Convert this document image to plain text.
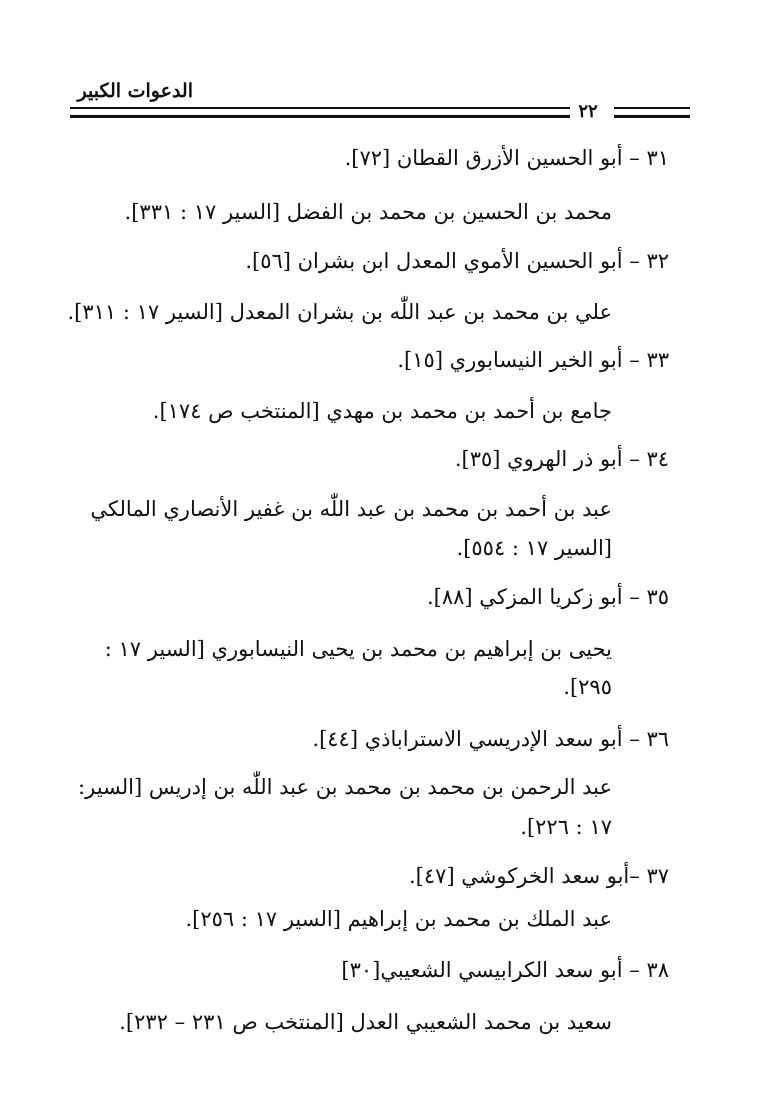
الدعوات الكبير
٢٢
٣١ – أبو الحسين الأزرق القطان [٧٢].
محمد بن الحسين بن محمد بن الفضل [السير ١٧ : ٣٣١].
٣٢ – أبو الحسين الأموي المعدل ابن بشران [٥٦].
علي بن محمد بن عبد اللّٰه بن بشران المعدل [السير ١٧ : ٣١١].
٣٣ – أبو الخير النيسابوري [١٥].
جامع بن أحمد بن محمد بن مهدي [المنتخب ص ١٧٤].
٣٤ – أبو ذر الهروي [٣٥].
عبد بن أحمد بن محمد بن عبد اللّٰه بن غفير الأنصاري المالكي
[السير ١٧ : ٥٥٤].
٣٥ – أبو زكريا المزكي [٨٨].
يحيى بن إبراهيم بن محمد بن يحيى النيسابوري [السير ١٧ :
٢٩٥].
٣٦ – أبو سعد الإدريسي الاستراباذي [٤٤].
عبد الرحمن بن محمد بن محمد بن عبد اللّٰه بن إدريس [السير:
١٧ : ٢٢٦].
٣٧ –أبو سعد الخركوشي [٤٧].
عبد الملك بن محمد بن إبراهيم [السير ١٧ : ٢٥٦].
٣٨ – أبو سعد الكرابيسي الشعيبي[٣٠]
سعيد بن محمد الشعيبي العدل [المنتخب ص ٢٣١ – ٢٣٢].
